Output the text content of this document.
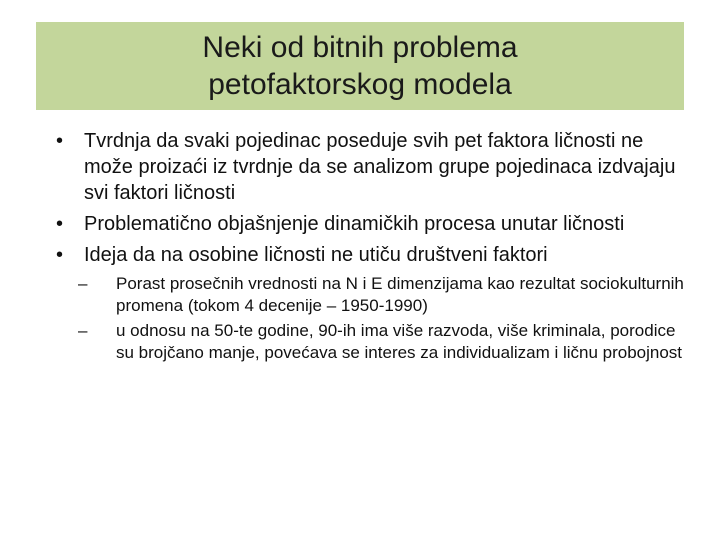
Neki od bitnih problema
petofaktorskog modela
• Tvrdnja da svaki pojedinac poseduje svih pet faktora ličnosti ne može proizaći iz tvrdnje da se analizom grupe pojedinaca izdvajaju svi faktori ličnosti
• Problematično objašnjenje dinamičkih procesa unutar ličnosti
• Ideja da na osobine ličnosti ne utiču društveni faktori
– Porast prosečnih vrednosti na N i E dimenzijama kao rezultat sociokulturnih promena (tokom 4 decenije – 1950-1990)
– u odnosu na 50-te godine, 90-ih ima više razvoda, više kriminala, porodice su brojčano manje, povećava se interes za individualizam i ličnu probojnost
